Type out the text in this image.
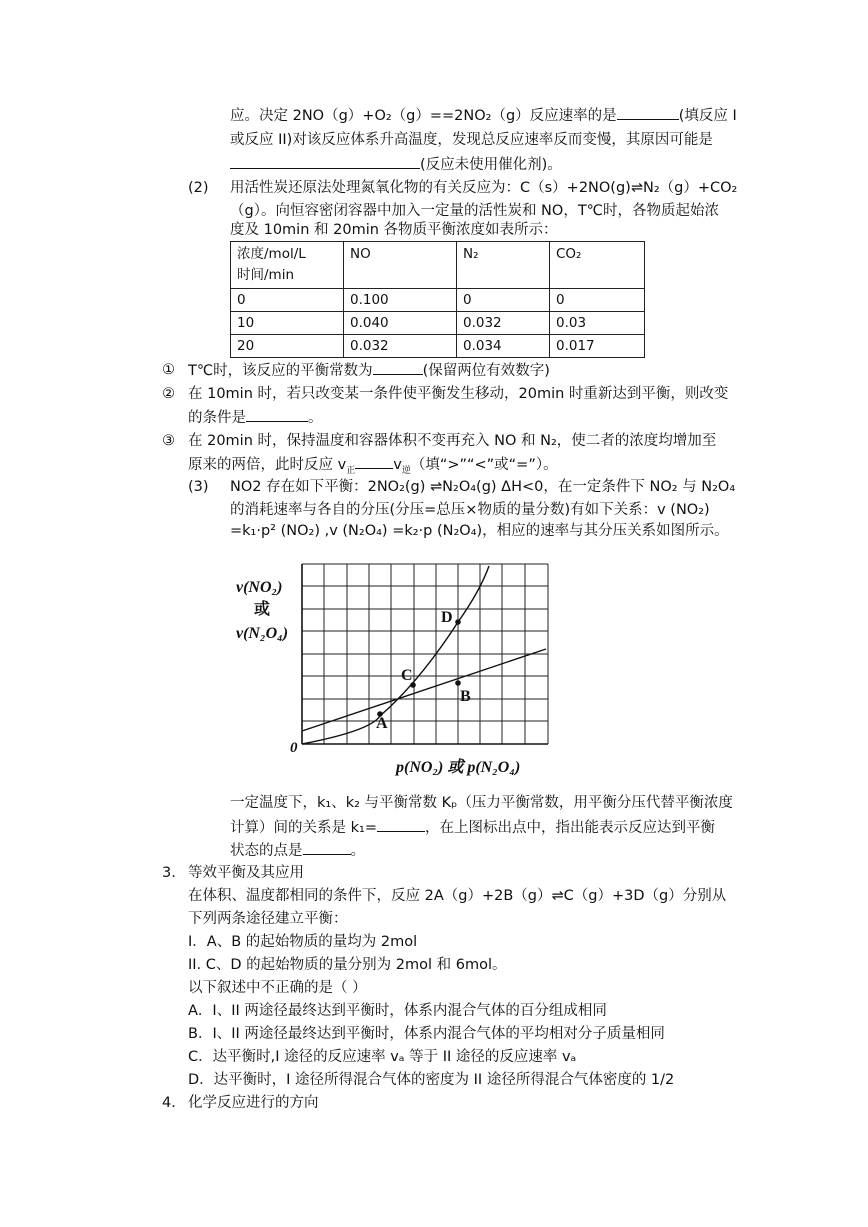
应。决定 2NO（g）+O₂（g）==2NO₂（g）反应速率的是	(填反应 I
或反应 II)对该反应体系升高温度，发现总反应速率反而变慢，其原因可能是
(反应未使用催化剂)。
(2) 用活性炭还原法处理氮氧化物的有关反应为：C（s）+2NO(g)⇌N₂（g）+CO₂
（g）。向恒容密闭容器中加入一定量的活性炭和 NO，T℃时，各物质起始浓
度及 10min 和 20min 各物质平衡浓度如表所示：
浓度/mol/L
时间/min	NO	N₂	CO₂
0	0.100	0	0
10	0.040	0.032	0.03
20	0.032	0.034	0.017
① T℃时，该反应的平衡常数为	(保留两位有效数字)
② 在 10min 时，若只改变某一条件使平衡发生移动，20min 时重新达到平衡，则改变
的条件是	。
③ 在 20min 时，保持温度和容器体积不变再充入 NO 和 N₂，使二者的浓度均增加至
原来的两倍，此时反应 $v_正$	$v_逆$（填“>”“<”或“=”）。
(3) NO2 存在如下平衡：2NO₂(g) ⇌N₂O₄(g) ΔH<0，在一定条件下 NO₂ 与 N₂O₄
的消耗速率与各自的分压(分压=总压×物质的量分数)有如下关系：v (NO₂)
=k₁·p² (NO₂) ,v (N₂O₄) =k₂·p (N₂O₄)，相应的速率与其分压关系如图所示。
v(NO₂)
或
v(N₂O₄)
0
p(NO₂) 或 p(N₂O₄)
A
B
C
D
一定温度下，k₁、k₂ 与平衡常数 Kₚ（压力平衡常数，用平衡分压代替平衡浓度
计算）间的关系是 k₁=	，在上图标出点中，指出能表示反应达到平衡
状态的点是	。
3. 等效平衡及其应用
在体积、温度都相同的条件下，反应 2A（g）+2B（g）⇌C（g）+3D（g）分别从
下列两条途径建立平衡：
I．A、B 的起始物质的量均为 2mol
II. C、D 的起始物质的量分别为 2mol 和 6mol。
以下叙述中不正确的是（ ）
A．I、II 两途径最终达到平衡时，体系内混合气体的百分组成相同
B．I、II 两途径最终达到平衡时，体系内混合气体的平均相对分子质量相同
C．达平衡时,I 途径的反应速率 vₐ 等于 II 途径的反应速率 vₐ
D．达平衡时，I 途径所得混合气体的密度为 II 途径所得混合气体密度的 1/2
4. 化学反应进行的方向
